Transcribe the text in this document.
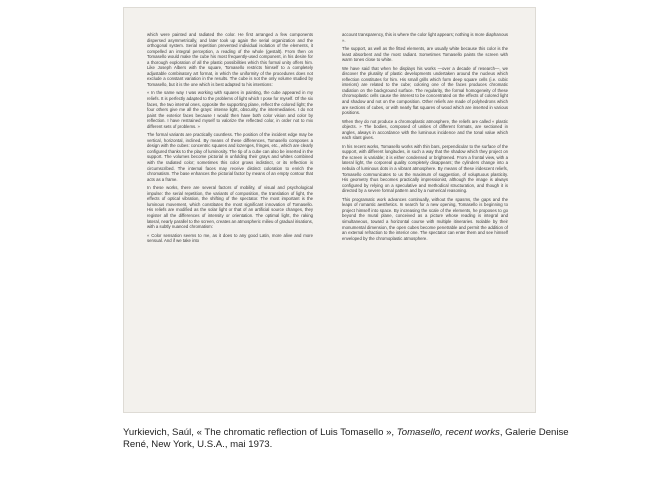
which were painted and radiated the color. He first arranged a few components dispersed asymmetrically, and later took up again the serial organization and the orthogonal system. Serial repetition prevented individual isolation of the elements, it compelled an integral perception, a reading of the whole (gestalt). From then on Tomasello would make the cube his most frequently-used component, in his desire for a thorough exploration of all the plastic possibilities which this formal unity offers him. Like Joseph Albers with the square, Tomasello restricts himself to a completely adjustable combinatory art format, in which the uniformity of the procedures does not exclude a constant variation in the results. The cube is not the only volume studied by Tomasello, but it is the one which is best adapted to his intentions:

« In the same way I was working with squares in painting, the cube appeared in my reliefs. It is perfectly adapted to the problems of light which I pose for myself. Of the six faces, the two internal ones, opposite the supporting plane, reflect the colored light; the four others give me all the grays: intense light, obscurity, the intermediaries. I do not paint the exterior faces because I would then have both color vision and color by reflection. I have restrained myself to valorize the reflected color, in order not to mix different sets of problems. »

The formal variants are practically countless. The position of the incident edge may be vertical, horizontal, inclined. By means of these differences, Tomasello composes a design with the cubes: concentric squares and lozenges, fringes, etc., which are clearly configured thanks to the play of luminosity. The tip of a cube can also be inserted in the support. The volumes become pictorial in unfolding their grays and whites combined with the radiated color; sometimes this color grows indistinct, or its reflection is circumscribed. The internal faces may receive distinct coloration to enrich the chromatism. The base enhances the pictorial factor by means of an empty contour that acts as a frame.

In these works, there are several factors of mobility, of visual and psychological impulse: the serial repetition, the variants of composition, the translation of light, the effects of optical vibration, the shifting of the spectator. The most important is the luminous movement, which constitutes the most significant innovation of Tomasello. His reliefs are modified as the solar light or that of an artificial source changes, they register all the differences of intensity or orientation. The optimal light, the raking lateral, nearly parallel to the screen, creates an atmospheric milieu of gradual irisations, with a subtly nuanced chromatism:

« Color sensation seems to me, as it does to any good Latin, more alive and more sensual. And if we take into

account transparency, this is where the color light appears; nothing is more diaphanous ».

The support, as well as the fitted elements, are usually white because this color is the least absorbent and the most radiant. Sometimes Tomasello paints the screen with warm tones close to white.

We have said that when he displays his works —over a decade of research—, we discover the plurality of plastic developments undertaken around the nucleus which reflection constitutes for him. His small grills which form deep square cells (i.e. cubic interiors) are related to the cube; coloring one of the faces produces chromatic radiation on the background surface. The regularity, the formal homogeneity of these chromoplastic cells cause the interest to be concentrated on the effects of colored light and shadow and not on the composition. Other reliefs are made of polyhedrons which are sections of cubes, or with nearly flat squares of wood which are inserted in various positions.

When they do not produce a chromoplastic atmosphere, the reliefs are called « plastic objects. » The bodies, composed of unities of different formats, are sectioned in angles, always in accordance with the luminous incidence and the tonal value which each slant gives.

In his recent works, Tomasello works with thin bars, perpendicular to the surface of the support, with different longitudes, in such a way that the shadow which they project on the screen is variable; it is either condensed or brightened. From a frontal view, with a lateral light, the corporeal quality completely disappears; the cylinders change into a nebula of luminous dots in a vibrant atmosphere. By means of these iridescent reliefs, Tomasello communicates to us the maximum of suggestion, of voluptuous plasticity. His geometry thus becomes practically impressionist, although the image is always configured by relying on a speculative and methodical structuration, and though it is directed by a severe formal pattern and by a numerical reasoning.

This programatic work advances continually, without the spasms, the gaps and the leaps of romantic aesthetics. In search for a new opening, Tomasello is beginning to project himself into space. By increasing the scale of the elements, he proposes to go beyond the mural plane, conceived as a picture whose reading is integral and simultaneous, toward a horizontal course with multiple itineraries. Isolable by their monumental dimension, the open cubes become penetrable and permit the addition of an external refraction to the interior one. The spectator can enter them and see himself enveloped by the chromoplastic atmosphere.

Yurkievich, Saúl, « The chromatic reflection of Luis Tomasello », Tomasello, recent works, Galerie Denise René, New York, U.S.A., mai 1973.
